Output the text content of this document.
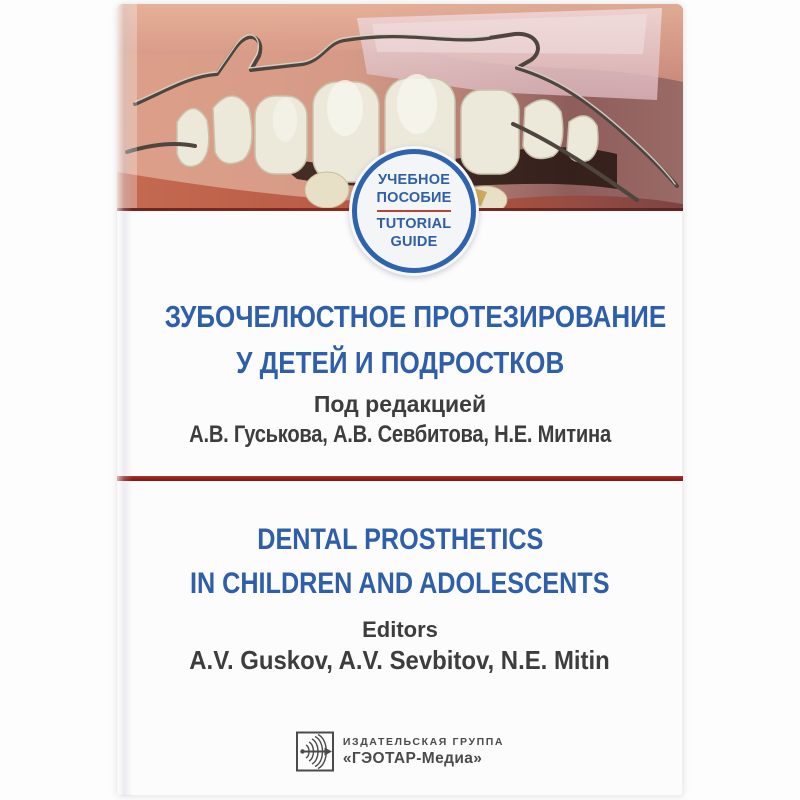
УЧЕБНОЕ
ПОСОБИЕ
TUTORIAL
GUIDE
ЗУБОЧЕЛЮСТНОЕ ПРОТЕЗИРОВАНИЕ
У ДЕТЕЙ И ПОДРОСТКОВ
Под редакцией
А.В. Гуськова, А.В. Севбитова, Н.Е. Митина
DENTAL PROSTHETICS
IN CHILDREN AND ADOLESCENTS
Editors
A.V. Guskov, A.V. Sevbitov, N.E. Mitin
ИЗДАТЕЛЬСКАЯ ГРУППА
«ГЭОТАР-Медиа»
